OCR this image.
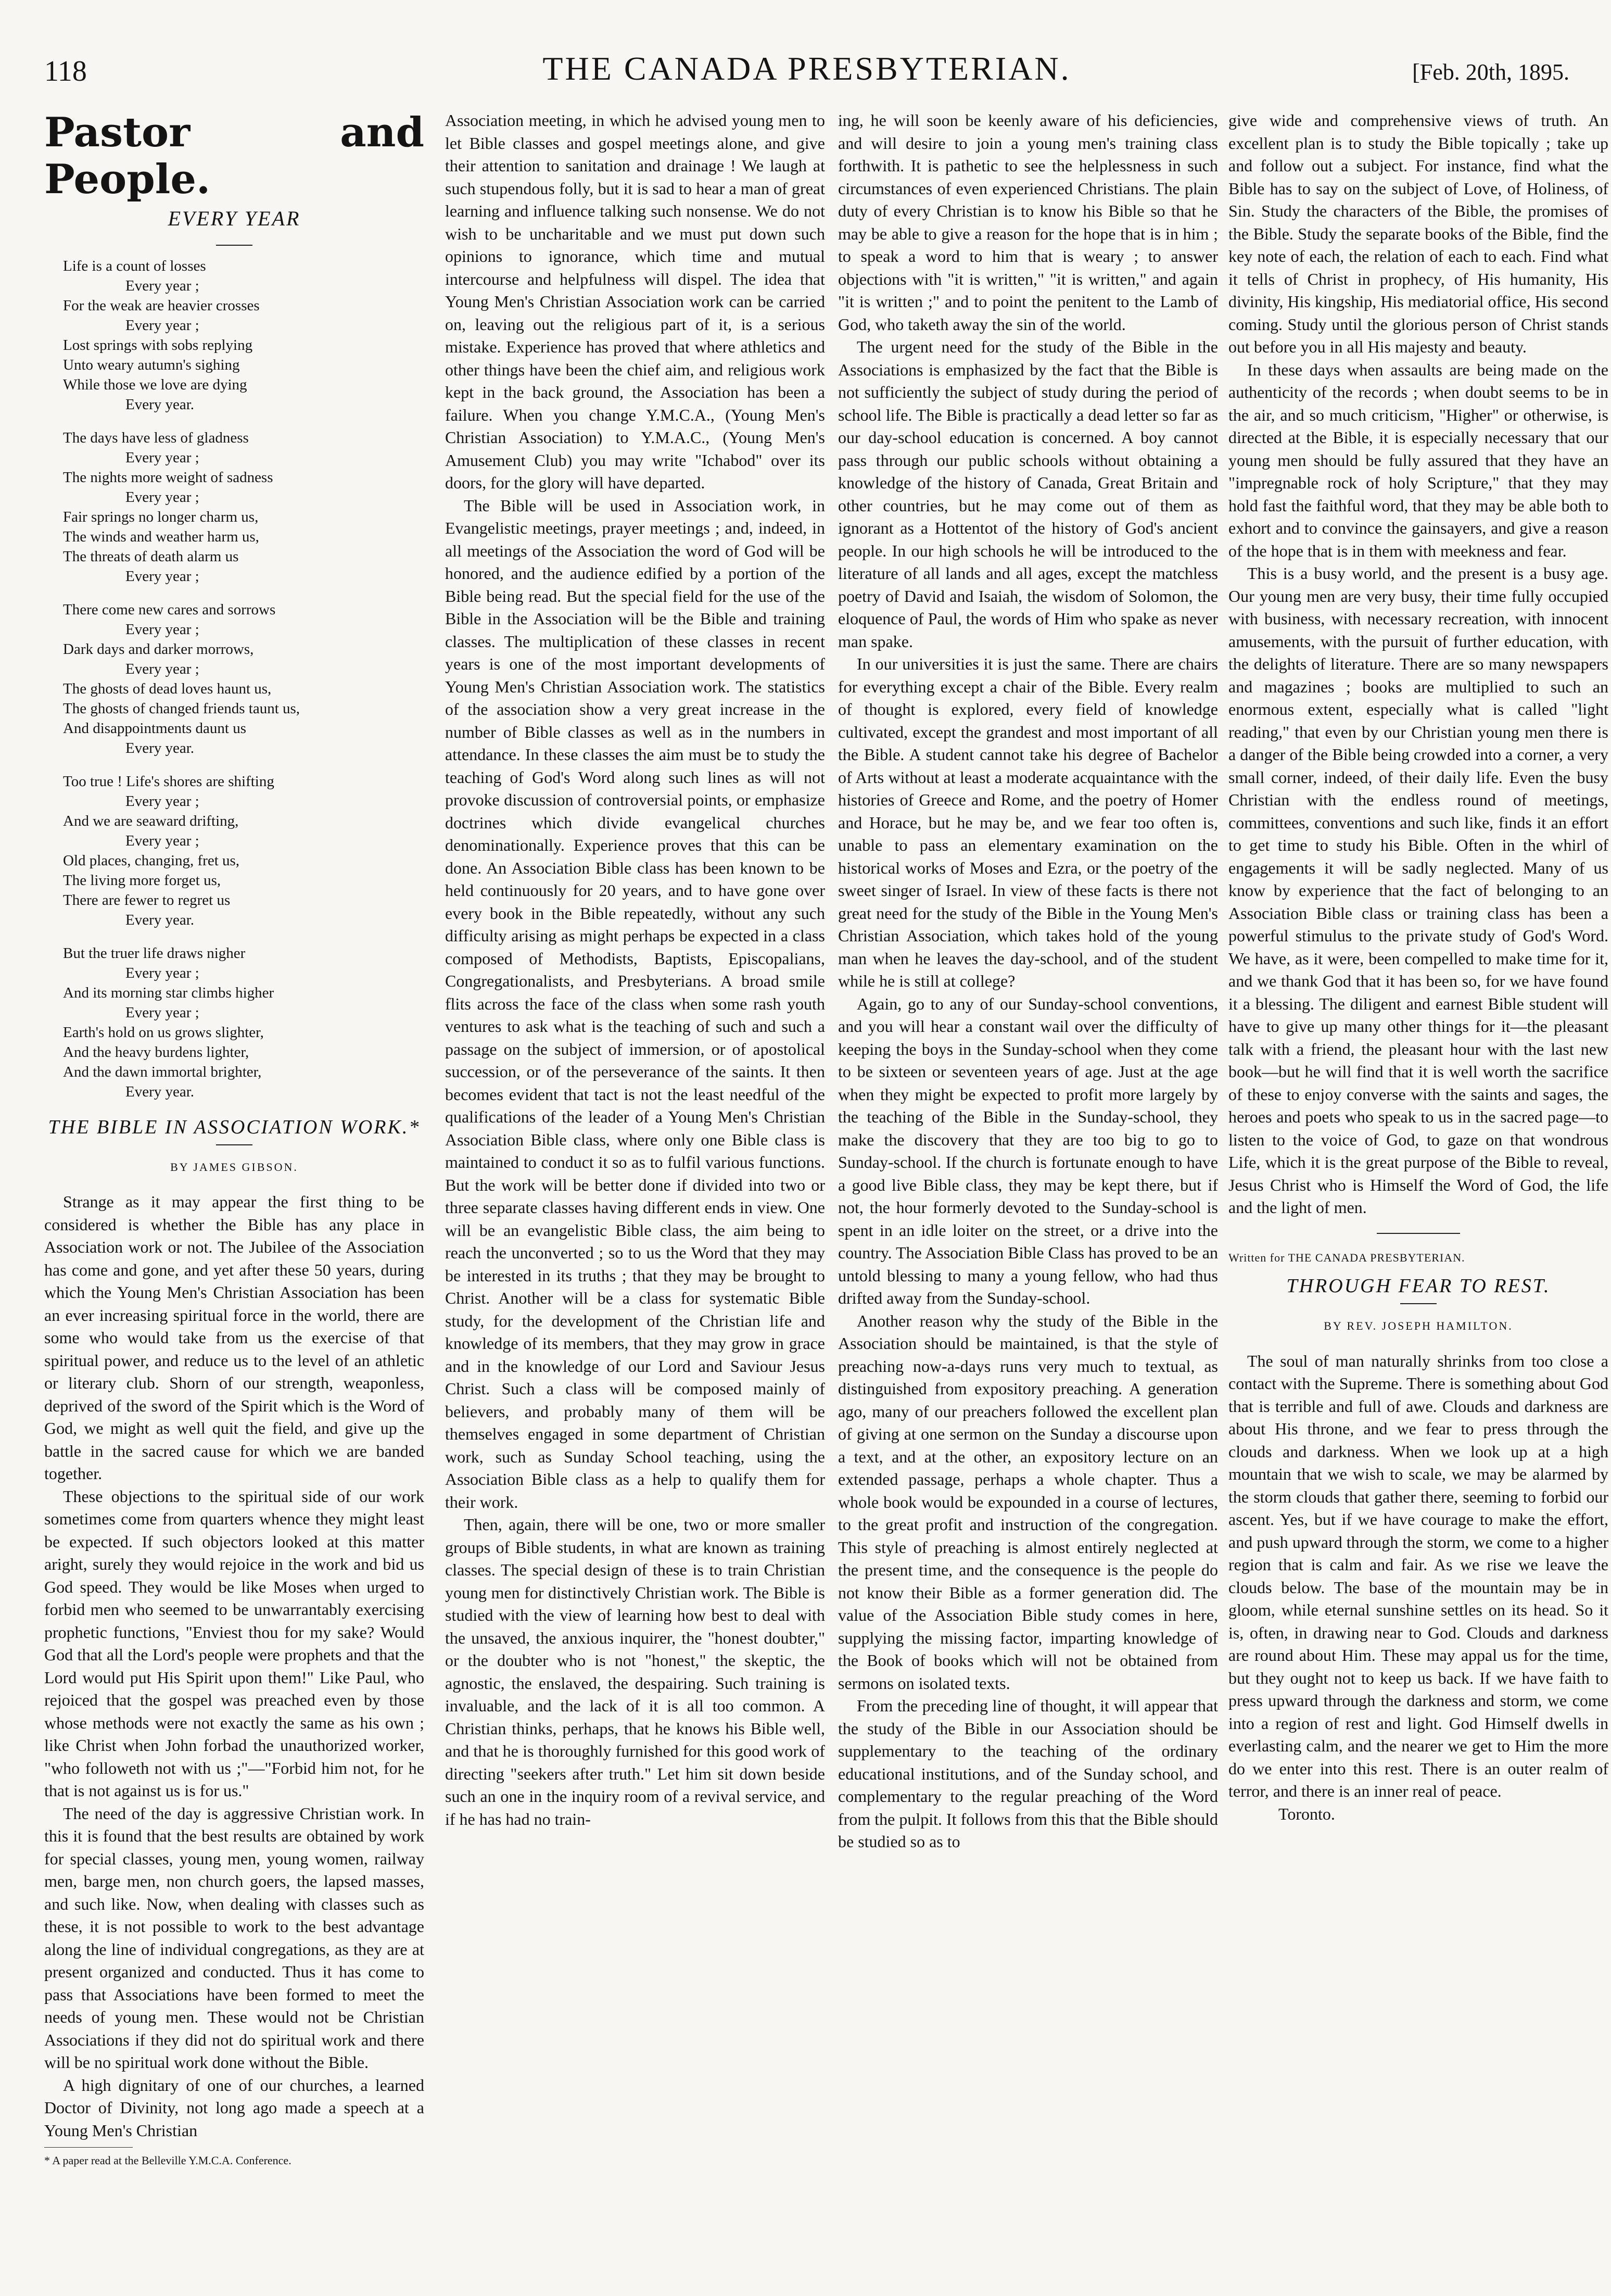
118	THE CANADA PRESBYTERIAN.	[Feb. 20th, 1895.

Pastor and People.

EVERY YEAR
Life is a count of losses
Every year ;
For the weak are heavier crosses
Every year ;
Lost springs with sobs replying
Unto weary autumn's sighing
While those we love are dying
Every year.
The days have less of gladness
Every year ;
The nights more weight of sadness
Every year ;
Fair springs no longer charm us,
The winds and weather harm us,
The threats of death alarm us
Every year ;
There come new cares and sorrows
Every year ;
Dark days and darker morrows,
Every year ;
The ghosts of dead loves haunt us,
The ghosts of changed friends taunt us,
And disappointments daunt us
Every year.
Too true ! Life's shores are shifting
Every year ;
And we are seaward drifting,
Every year ;
Old places, changing, fret us,
The living more forget us,
There are fewer to regret us
Every year.
But the truer life draws nigher
Every year ;
And its morning star climbs higher
Every year ;
Earth's hold on us grows slighter,
And the heavy burdens lighter,
And the dawn immortal brighter,
Every year.
THE BIBLE IN ASSOCIATION WORK.*
BY JAMES GIBSON.

Strange as it may appear the first thing to be considered is whether the Bible has any place in Association work or not. The Jubilee of the Association has come and gone, and yet after these 50 years, during which the Young Men's Christian Association has been an ever increasing spiritual force in the world, there are some who would take from us the exercise of that spiritual power, and reduce us to the level of an athletic or literary club. Shorn of our strength, weaponless, deprived of the sword of the Spirit which is the Word of God, we might as well quit the field, and give up the battle in the sacred cause for which we are banded together.

These objections to the spiritual side of our work sometimes come from quarters whence they might least be expected. If such objectors looked at this matter aright, surely they would rejoice in the work and bid us God speed. They would be like Moses when urged to forbid men who seemed to be unwarrantably exercising prophetic functions, "Enviest thou for my sake? Would God that all the Lord's people were prophets and that the Lord would put His Spirit upon them!" Like Paul, who rejoiced that the gospel was preached even by those whose methods were not exactly the same as his own ; like Christ when John forbad the unauthorized worker, "who followeth not with us ;"—"Forbid him not, for he that is not against us is for us."

The need of the day is aggressive Christian work. In this it is found that the best results are obtained by work for special classes, young men, young women, railway men, barge men, non church goers, the lapsed masses, and such like. Now, when dealing with classes such as these, it is not possible to work to the best advantage along the line of individual congregations, as they are at present organized and conducted. Thus it has come to pass that Associations have been formed to meet the needs of young men. These would not be Christian Associations if they did not do spiritual work and there will be no spiritual work done without the Bible.

A high dignitary of one of our churches, a learned Doctor of Divinity, not long ago made a speech at a Young Men's Christian

* A paper read at the Belleville Y.M.C.A. Conference.

Association meeting, in which he advised young men to let Bible classes and gospel meetings alone, and give their attention to sanitation and drainage ! We laugh at such stupendous folly, but it is sad to hear a man of great learning and influence talking such nonsense. We do not wish to be uncharitable and we must put down such opinions to ignorance, which time and mutual intercourse and helpfulness will dispel. The idea that Young Men's Christian Association work can be carried on, leaving out the religious part of it, is a serious mistake. Experience has proved that where athletics and other things have been the chief aim, and religious work kept in the back ground, the Association has been a failure. When you change Y.M.C.A., (Young Men's Christian Association) to Y.M.A.C., (Young Men's Amusement Club) you may write "Ichabod" over its doors, for the glory will have departed.

The Bible will be used in Association work, in Evangelistic meetings, prayer meetings ; and, indeed, in all meetings of the Association the word of God will be honored, and the audience edified by a portion of the Bible being read. But the special field for the use of the Bible in the Association will be the Bible and training classes. The multiplication of these classes in recent years is one of the most important developments of Young Men's Christian Association work. The statistics of the association show a very great increase in the number of Bible classes as well as in the numbers in attendance. In these classes the aim must be to study the teaching of God's Word along such lines as will not provoke discussion of controversial points, or emphasize doctrines which divide evangelical churches denominationally. Experience proves that this can be done. An Association Bible class has been known to be held continuously for 20 years, and to have gone over every book in the Bible repeatedly, without any such difficulty arising as might perhaps be expected in a class composed of Methodists, Baptists, Episcopalians, Congregationalists, and Presbyterians. A broad smile flits across the face of the class when some rash youth ventures to ask what is the teaching of such and such a passage on the subject of immersion, or of apostolical succession, or of the perseverance of the saints. It then becomes evident that tact is not the least needful of the qualifications of the leader of a Young Men's Christian Association Bible class, where only one Bible class is maintained to conduct it so as to fulfil various functions. But the work will be better done if divided into two or three separate classes having different ends in view. One will be an evangelistic Bible class, the aim being to reach the unconverted ; so to us the Word that they may be interested in its truths ; that they may be brought to Christ. Another will be a class for systematic Bible study, for the development of the Christian life and knowledge of its members, that they may grow in grace and in the knowledge of our Lord and Saviour Jesus Christ. Such a class will be composed mainly of believers, and probably many of them will be themselves engaged in some department of Christian work, such as Sunday School teaching, using the Association Bible class as a help to qualify them for their work.

Then, again, there will be one, two or more smaller groups of Bible students, in what are known as training classes. The special design of these is to train Christian young men for distinctively Christian work. The Bible is studied with the view of learning how best to deal with the unsaved, the anxious inquirer, the "honest doubter," or the doubter who is not "honest," the skeptic, the agnostic, the enslaved, the despairing. Such training is invaluable, and the lack of it is all too common. A Christian thinks, perhaps, that he knows his Bible well, and that he is thoroughly furnished for this good work of directing "seekers after truth." Let him sit down beside such an one in the inquiry room of a revival service, and if he has had no train-

ing, he will soon be keenly aware of his deficiencies, and will desire to join a young men's training class forthwith. It is pathetic to see the helplessness in such circumstances of even experienced Christians. The plain duty of every Christian is to know his Bible so that he may be able to give a reason for the hope that is in him ; to speak a word to him that is weary ; to answer objections with "it is written," "it is written," and again "it is written ;" and to point the penitent to the Lamb of God, who taketh away the sin of the world.

The urgent need for the study of the Bible in the Associations is emphasized by the fact that the Bible is not sufficiently the subject of study during the period of school life. The Bible is practically a dead letter so far as our day-school education is concerned. A boy cannot pass through our public schools without obtaining a knowledge of the history of Canada, Great Britain and other countries, but he may come out of them as ignorant as a Hottentot of the history of God's ancient people. In our high schools he will be introduced to the literature of all lands and all ages, except the matchless poetry of David and Isaiah, the wisdom of Solomon, the eloquence of Paul, the words of Him who spake as never man spake.

In our universities it is just the same. There are chairs for everything except a chair of the Bible. Every realm of thought is explored, every field of knowledge cultivated, except the grandest and most important of all the Bible. A student cannot take his degree of Bachelor of Arts without at least a moderate acquaintance with the histories of Greece and Rome, and the poetry of Homer and Horace, but he may be, and we fear too often is, unable to pass an elementary examination on the historical works of Moses and Ezra, or the poetry of the sweet singer of Israel. In view of these facts is there not great need for the study of the Bible in the Young Men's Christian Association, which takes hold of the young man when he leaves the day-school, and of the student while he is still at college?

Again, go to any of our Sunday-school conventions, and you will hear a constant wail over the difficulty of keeping the boys in the Sunday-school when they come to be sixteen or seventeen years of age. Just at the age when they might be expected to profit more largely by the teaching of the Bible in the Sunday-school, they make the discovery that they are too big to go to Sunday-school. If the church is fortunate enough to have a good live Bible class, they may be kept there, but if not, the hour formerly devoted to the Sunday-school is spent in an idle loiter on the street, or a drive into the country. The Association Bible Class has proved to be an untold blessing to many a young fellow, who had thus drifted away from the Sunday-school.

Another reason why the study of the Bible in the Association should be maintained, is that the style of preaching now-a-days runs very much to textual, as distinguished from expository preaching. A generation ago, many of our preachers followed the excellent plan of giving at one sermon on the Sunday a discourse upon a text, and at the other, an expository lecture on an extended passage, perhaps a whole chapter. Thus a whole book would be expounded in a course of lectures, to the great profit and instruction of the congregation. This style of preaching is almost entirely neglected at the present time, and the consequence is the people do not know their Bible as a former generation did. The value of the Association Bible study comes in here, supplying the missing factor, imparting knowledge of the Book of books which will not be obtained from sermons on isolated texts.

From the preceding line of thought, it will appear that the study of the Bible in our Association should be supplementary to the teaching of the ordinary educational institutions, and of the Sunday school, and complementary to the regular preaching of the Word from the pulpit. It follows from this that the Bible should be studied so as to

give wide and comprehensive views of truth. An excellent plan is to study the Bible topically ; take up and follow out a subject. For instance, find what the Bible has to say on the subject of Love, of Holiness, of Sin. Study the characters of the Bible, the promises of the Bible. Study the separate books of the Bible, find the key note of each, the relation of each to each. Find what it tells of Christ in prophecy, of His humanity, His divinity, His kingship, His mediatorial office, His second coming. Study until the glorious person of Christ stands out before you in all His majesty and beauty.

In these days when assaults are being made on the authenticity of the records ; when doubt seems to be in the air, and so much criticism, "Higher" or otherwise, is directed at the Bible, it is especially necessary that our young men should be fully assured that they have an "impregnable rock of holy Scripture," that they may hold fast the faithful word, that they may be able both to exhort and to convince the gainsayers, and give a reason of the hope that is in them with meekness and fear.

This is a busy world, and the present is a busy age. Our young men are very busy, their time fully occupied with business, with necessary recreation, with innocent amusements, with the pursuit of further education, with the delights of literature. There are so many newspapers and magazines ; books are multiplied to such an enormous extent, especially what is called "light reading," that even by our Christian young men there is a danger of the Bible being crowded into a corner, a very small corner, indeed, of their daily life. Even the busy Christian with the endless round of meetings, committees, conventions and such like, finds it an effort to get time to study his Bible. Often in the whirl of engagements it will be sadly neglected. Many of us know by experience that the fact of belonging to an Association Bible class or training class has been a powerful stimulus to the private study of God's Word. We have, as it were, been compelled to make time for it, and we thank God that it has been so, for we have found it a blessing. The diligent and earnest Bible student will have to give up many other things for it—the pleasant talk with a friend, the pleasant hour with the last new book—but he will find that it is well worth the sacrifice of these to enjoy converse with the saints and sages, the heroes and poets who speak to us in the sacred page—to listen to the voice of God, to gaze on that wondrous Life, which it is the great purpose of the Bible to reveal, Jesus Christ who is Himself the Word of God, the life and the light of men.

Written for THE CANADA PRESBYTERIAN.
THROUGH FEAR TO REST.
BY REV. JOSEPH HAMILTON.

The soul of man naturally shrinks from too close a contact with the Supreme. There is something about God that is terrible and full of awe. Clouds and darkness are about His throne, and we fear to press through the clouds and darkness. When we look up at a high mountain that we wish to scale, we may be alarmed by the storm clouds that gather there, seeming to forbid our ascent. Yes, but if we have courage to make the effort, and push upward through the storm, we come to a higher region that is calm and fair. As we rise we leave the clouds below. The base of the mountain may be in gloom, while eternal sunshine settles on its head. So it is, often, in drawing near to God. Clouds and darkness are round about Him. These may appal us for the time, but they ought not to keep us back. If we have faith to press upward through the darkness and storm, we come into a region of rest and light. God Himself dwells in everlasting calm, and the nearer we get to Him the more do we enter into this rest. There is an outer realm of terror, and there is an inner real of peace.

Toronto.
